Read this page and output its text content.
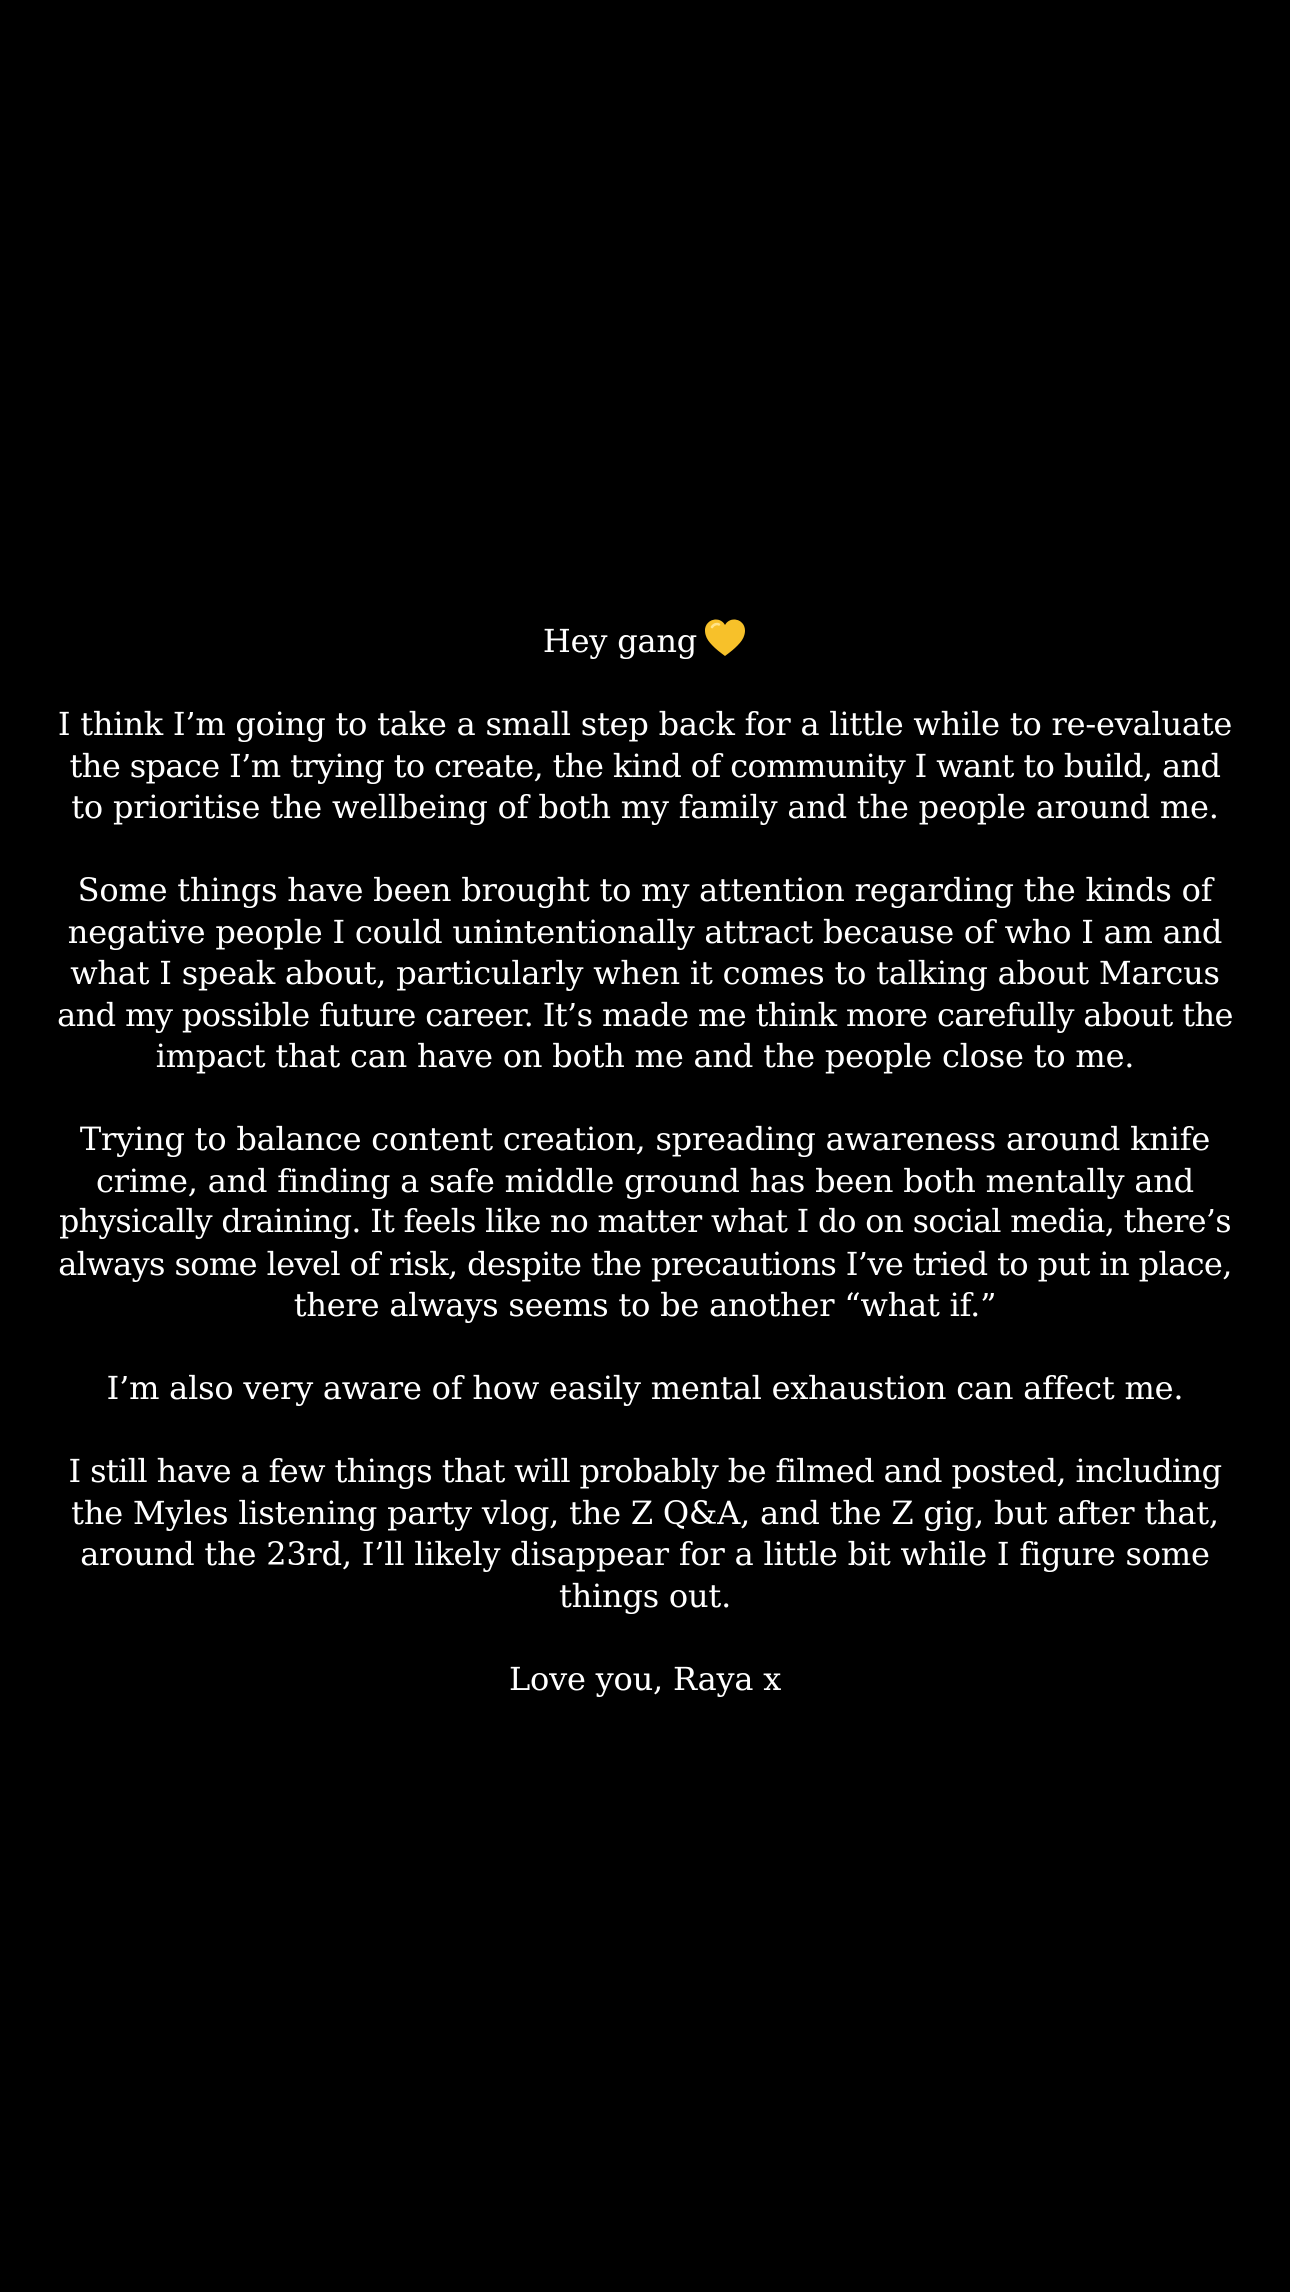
Hey gang

I think I’m going to take a small step back for a little while to re-evaluate
the space I’m trying to create, the kind of community I want to build, and
to prioritise the wellbeing of both my family and the people around me.

Some things have been brought to my attention regarding the kinds of
negative people I could unintentionally attract because of who I am and
what I speak about, particularly when it comes to talking about Marcus
and my possible future career. It’s made me think more carefully about the
impact that can have on both me and the people close to me.

Trying to balance content creation, spreading awareness around knife
crime, and finding a safe middle ground has been both mentally and
physically draining. It feels like no matter what I do on social media, there’s
always some level of risk, despite the precautions I’ve tried to put in place,
there always seems to be another “what if.”

I’m also very aware of how easily mental exhaustion can affect me.

I still have a few things that will probably be filmed and posted, including
the Myles listening party vlog, the Z Q&A, and the Z gig, but after that,
around the 23rd, I’ll likely disappear for a little bit while I figure some
things out.

Love you, Raya x
